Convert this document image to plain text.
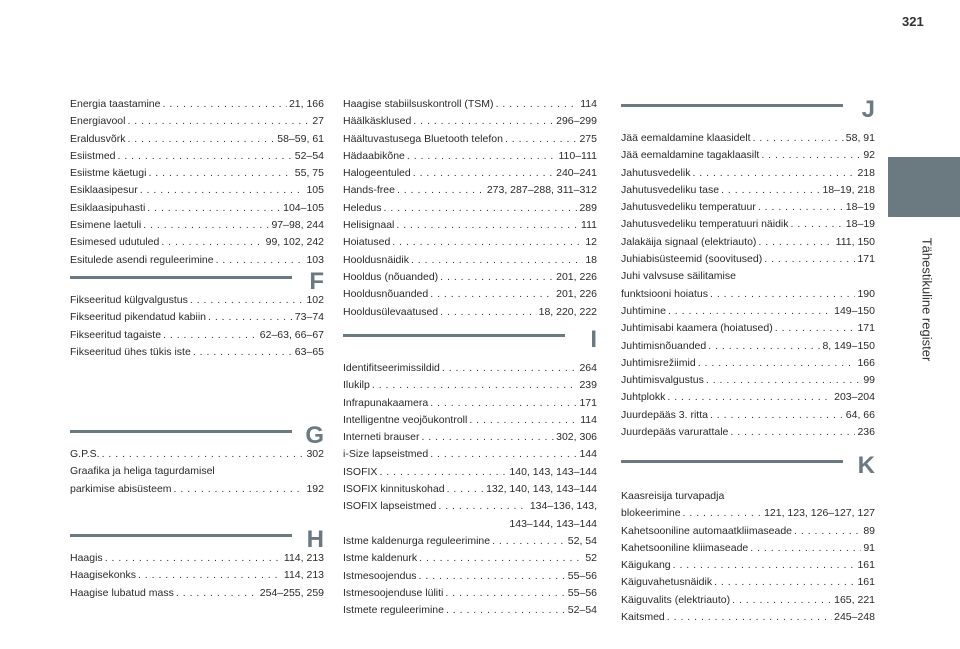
321
Tähestikuline register
Energia taastamine . . .	21, 166
Energiavool . . .	27
Eraldusvõrk . . .	58–59, 61
Esiistmed . . .	52–54
Esiistme käetugi . . .	55, 75
Esiklaasipesur . . .	105
Esiklaasipuhasti . . .	104–105
Esimene laetuli . . .	97–98, 244
Esimesed udutuled . . .	99, 102, 242
Esitulede asendi reguleerimine . . .	103
F
Fikseeritud külgvalgustus . . .	102
Fikseeritud pikendatud kabiin . . .	73–74
Fikseeritud tagaiste . . .	62–63, 66–67
Fikseeritud ühes tükis iste . . .	63–65
G
G.P.S. . . .	302
Graafika ja heliga tagurdamisel
parkimise abisüsteem . . .	192
H
Haagis . . .	114, 213
Haagisekonks . . .	114, 213
Haagise lubatud mass . . .	254–255, 259
Haagise stabiilsuskontroll (TSM) . . .	114
Häälkäsklused . . .	296–299
Häältuvastusega Bluetooth telefon . . .	275
Hädaabikõne . . .	110–111
Halogeentuled . . .	240–241
Hands-free . . .	273, 287–288, 311–312
Heledus . . .	289
Helisignaal . . .	111
Hoiatused . . .	12
Hooldusnäidik . . .	18
Hooldus (nõuanded) . . .	201, 226
Hooldusnõuanded . . .	201, 226
Hooldusülevaatused . . .	18, 220, 222
I
Identifitseerimissildid . . .	264
Ilukilp . . .	239
Infrapunakaamera . . .	171
Intelligentne veojõukontroll . . .	114
Interneti brauser . . .	302, 306
i-Size lapseistmed . . .	144
ISOFIX . . .	140, 143, 143–144
ISOFIX kinnituskohad . . .	132, 140, 143, 143–144
ISOFIX lapseistmed . . .	134–136, 143,
143–144, 143–144
Istme kaldenurga reguleerimine . . .	52, 54
Istme kaldenurk . . .	52
Istmesoojendus . . .	55–56
Istmesoojenduse lüliti . . .	55–56
Istmete reguleerimine . . .	52–54
J
Jää eemaldamine klaasidelt . . .	58, 91
Jää eemaldamine tagaklaasilt . . .	92
Jahutusvedelik . . .	218
Jahutusvedeliku tase . . .	18–19, 218
Jahutusvedeliku temperatuur . . .	18–19
Jahutusvedeliku temperatuuri näidik . . .	18–19
Jalakäija signaal (elektriauto) . . .	111, 150
Juhiabisüsteemid (soovitused) . . .	171
Juhi valvsuse säilitamise
funktsiooni hoiatus . . .	190
Juhtimine . . .	149–150
Juhtimisabi kaamera (hoiatused) . . .	171
Juhtimisnõuanded . . .	8, 149–150
Juhtimisrežiimid . . .	166
Juhtimisvalgustus . . .	99
Juhtplokk . . .	203–204
Juurdepääs 3. ritta . . .	64, 66
Juurdepääs varurattale . . .	236
K
Kaasreisija turvapadja
blokeerimine . . .	121, 123, 126–127, 127
Kahetsooniline automaatkliimaseade . . .	89
Kahetsooniline kliimaseade . . .	91
Käigukang . . .	161
Käiguvahetusnäidik . . .	161
Käiguvalits (elektriauto) . . .	165, 221
Kaitsmed . . .	245–248
